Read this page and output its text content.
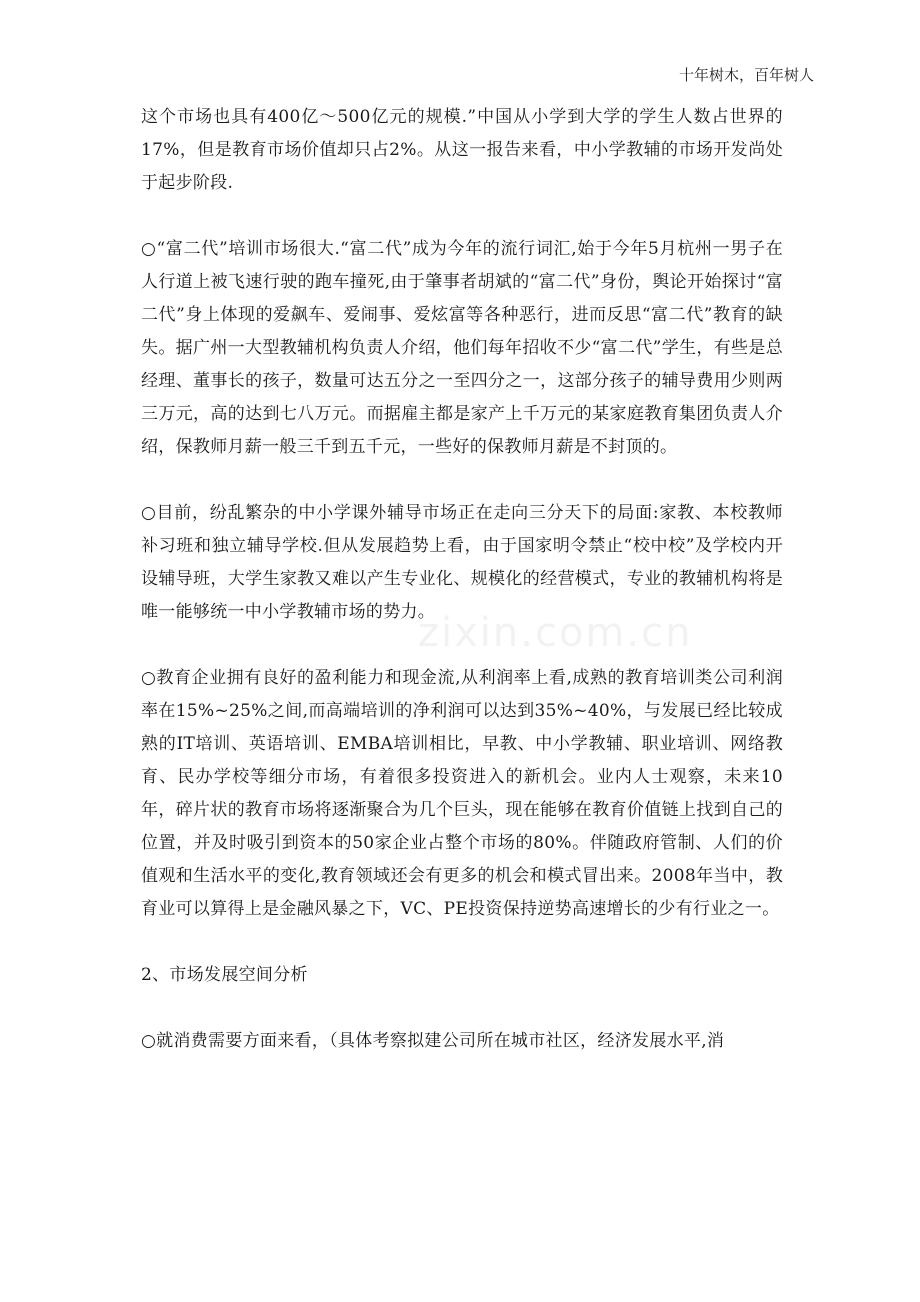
十年树木，百年树人
zixin.com.cn

这个市场也具有400亿～500亿元的规模.”中国从小学到大学的学生人数占世界的17%，但是教育市场价值却只占2%。从这一报告来看，中小学教辅的市场开发尚处于起步阶段.

○“富二代”培训市场很大.“富二代”成为今年的流行词汇,始于今年5月杭州一男子在人行道上被飞速行驶的跑车撞死,由于肇事者胡斌的“富二代”身份，舆论开始探讨“富二代”身上体现的爱飙车、爱闹事、爱炫富等各种恶行，进而反思“富二代”教育的缺失。据广州一大型教辅机构负责人介绍，他们每年招收不少“富二代”学生，有些是总经理、董事长的孩子，数量可达五分之一至四分之一，这部分孩子的辅导费用少则两三万元，高的达到七八万元。而据雇主都是家产上千万元的某家庭教育集团负责人介绍，保教师月薪一般三千到五千元，一些好的保教师月薪是不封顶的。

○目前，纷乱繁杂的中小学课外辅导市场正在走向三分天下的局面:家教、本校教师补习班和独立辅导学校.但从发展趋势上看，由于国家明令禁止“校中校”及学校内开设辅导班，大学生家教又难以产生专业化、规模化的经营模式，专业的教辅机构将是唯一能够统一中小学教辅市场的势力。

○教育企业拥有良好的盈利能力和现金流,从利润率上看,成熟的教育培训类公司利润率在15%~25%之间,而高端培训的净利润可以达到35%~40%，与发展已经比较成熟的IT培训、英语培训、EMBA培训相比，早教、中小学教辅、职业培训、网络教育、民办学校等细分市场，有着很多投资进入的新机会。业内人士观察，未来10年，碎片状的教育市场将逐渐聚合为几个巨头，现在能够在教育价值链上找到自己的位置，并及时吸引到资本的50家企业占整个市场的80%。伴随政府管制、人们的价值观和生活水平的变化,教育领域还会有更多的机会和模式冒出来。2008年当中，教育业可以算得上是金融风暴之下，VC、PE投资保持逆势高速增长的少有行业之一。

2、市场发展空间分析

○就消费需要方面来看，（具体考察拟建公司所在城市社区，经济发展水平,消
